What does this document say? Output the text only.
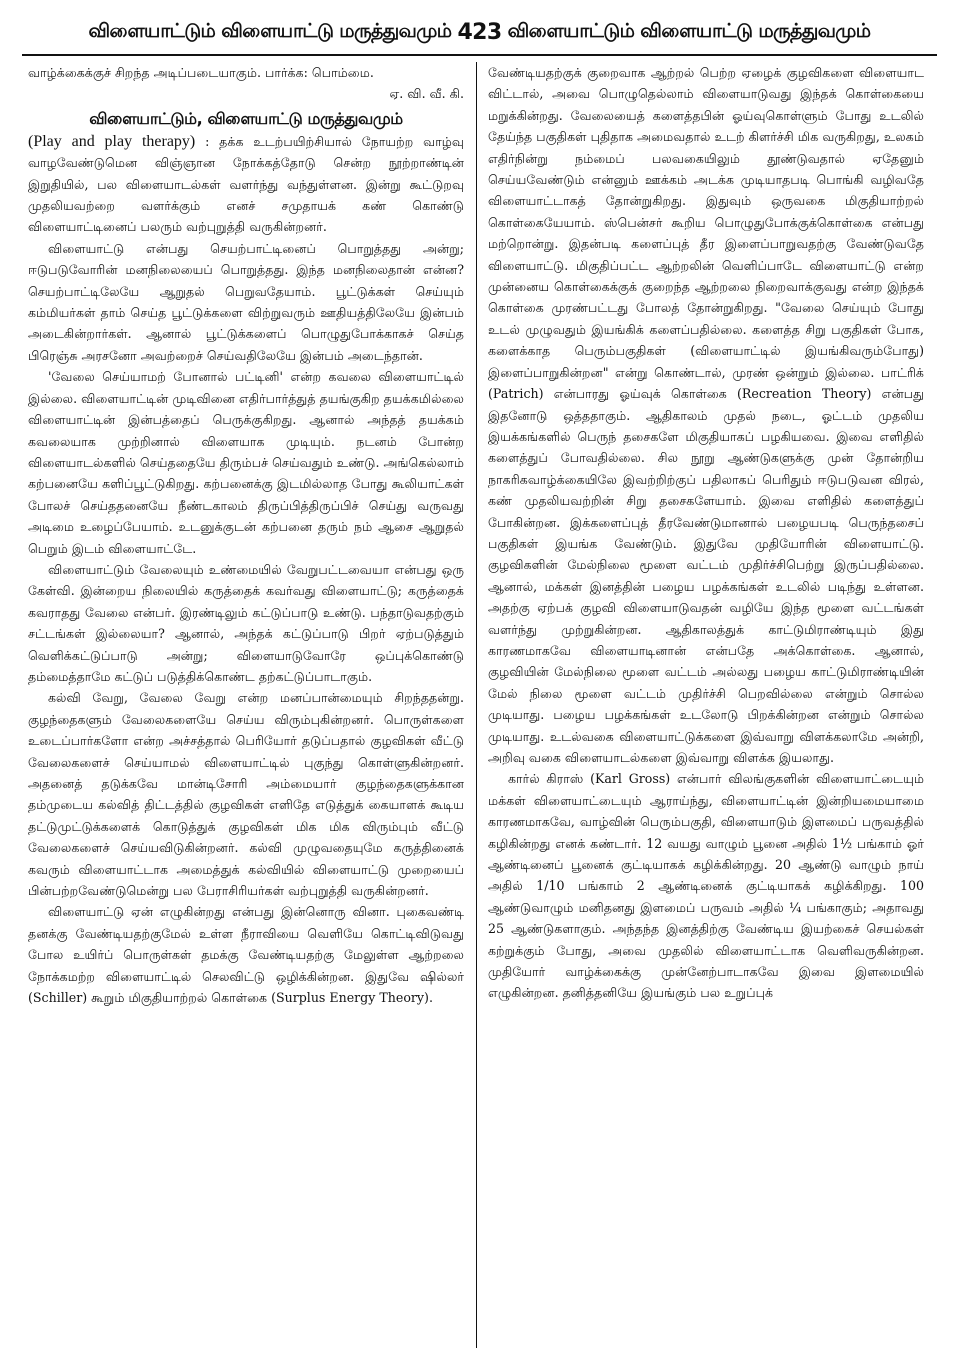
விளையாட்டும் விளையாட்டு மருத்துவமும் 423 விளையாட்டும் விளையாட்டு மருத்துவமும்

வாழ்க்கைக்குச் சிறந்த அடிப்படையாகும். பார்க்க: பொம்மை.

ஏ. வி. வீ. கி.

விளையாட்டும், விளையாட்டு மருத்துவமும்

(Play and play therapy) : தக்க உடற்பயிற்சியால் நோயற்ற வாழ்வு வாழவேண்டுமென விஞ்ஞான நோக்கத்தோடு சென்ற நூற்றாண்டின் இறுதியில், பல விளையாடல்கள் வளர்ந்து வந்துள்ளன. இன்று கூட்டுறவு முதலியவற்றை வளர்க்கும் எனச் சமுதாயக் கண் கொண்டு விளையாட்டினைப் பலரும் வற்புறுத்தி வருகின்றனர்.

விளையாட்டு என்பது செயற்பாட்டினைப் பொறுத்தது அன்று; ஈடுபடுவோரின் மனநிலையைப் பொறுத்தது. இந்த மனநிலைதான் என்ன? செயற்பாட்டிலேயே ஆறுதல் பெறுவதேயாம். பூட்டுக்கள் செய்யும் கம்மியர்கள் தாம் செய்த பூட்டுக்களை விற்றுவரும் ஊதியத்திலேயே இன்பம் அடைகின்றார்கள். ஆனால் பூட்டுக்களைப் பொழுதுபோக்காகச் செய்த பிரெஞ்சு அரசனோ அவற்றைச் செய்வதிலேயே இன்பம் அடைந்தான்.

'வேலை செய்யாமற் போனால் பட்டினி' என்ற கவலை விளையாட்டில் இல்லை. விளையாட்டின் முடிவினை எதிர்பார்த்துத் தயங்குகிற தயக்கமில்லை விளையாட்டின் இன்பத்தைப் பெருக்குகிறது. ஆனால் அந்தத் தயக்கம் கவலையாக முற்றினால் விளையாக முடியும். நடனம் போன்ற விளையாடல்களில் செய்ததையே திரும்பச் செய்வதும் உண்டு. அங்கெல்லாம் கற்பனையே களிப்பூட்டுகிறது. கற்பனைக்கு இடமில்லாத போது கூலியாட்கள் போலச் செய்ததனையே நீண்டகாலம் திருப்பித்திருப்பிச் செய்து வருவது அடிமை உழைப்பேயாம். உடனுக்குடன் கற்பனை தரும் நம் ஆசை ஆறுதல் பெறும் இடம் விளையாட்டே.

விளையாட்டும் வேலையும் உண்மையில் வேறுபட்டவையா என்பது ஒரு கேள்வி. இன்றைய நிலையில் கருத்தைக் கவர்வது விளையாட்டு; கருத்தைக் கவராதது வேலை என்பர். இரண்டிலும் கட்டுப்பாடு உண்டு. பந்தாடுவதற்கும் சட்டங்கள் இல்லையா? ஆனால், அந்தக் கட்டுப்பாடு பிறர் ஏற்படுத்தும் வெளிக்கட்டுப்பாடு அன்று; விளையாடுவோரே ஒப்புக்கொண்டு தம்மைத்தாமே கட்டுப் படுத்திக்கொண்ட தற்கட்டுப்பாடாகும்.

கல்வி வேறு, வேலை வேறு என்ற மனப்பான்மையும் சிறந்ததன்று. குழந்தைகளும் வேலைகளையே செய்ய விரும்புகின்றனர். பொருள்களை உடைப்பார்களோ என்ற அச்சத்தால் பெரியோர் தடுப்பதால் குழவிகள் வீட்டு வேலைகளைச் செய்யாமல் விளையாட்டில் புகுந்து கொள்ளுகின்றனர். அதனைத் தடுக்கவே மான்டிசோரி அம்மையார் குழந்தைகளுக்கான தம்முடைய கல்வித் திட்டத்தில் குழவிகள் எளிதே எடுத்துக் கையாளக் கூடிய தட்டுமுட்டுக்களைக் கொடுத்துக் குழவிகள் மிக மிக விரும்பும் வீட்டு வேலைகளைச் செய்யவிடுகின்றனர். கல்வி முழுவதையுமே கருத்தினைக் கவரும் விளையாட்டாக அமைத்துக் கல்வியில் விளையாட்டு முறையைப் பின்பற்றவேண்டுமென்று பல பேராசிரியர்கள் வற்புறுத்தி வருகின்றனர்.

விளையாட்டு ஏன் எழுகின்றது என்பது இன்னொரு வினா. புகைவண்டி தனக்கு வேண்டியதற்குமேல் உள்ள நீராவியை வெளியே கொட்டிவிடுவது போல உயிர்ப் பொருள்கள் தமக்கு வேண்டியதற்கு மேலுள்ள ஆற்றலை நோக்கமற்ற விளையாட்டில் செலவிட்டு ஒழிக்கின்றன. இதுவே ஷில்லர் (Schiller) கூறும் மிகுதியாற்றல் கொள்கை (Surplus Energy Theory).

வேண்டியதற்குக் குறைவாக ஆற்றல் பெற்ற ஏழைக் குழவிகளை விளையாட விட்டால், அவை பொழுதெல்லாம் விளையாடுவது இந்தக் கொள்கையை மறுக்கின்றது. வேலையைத் களைத்தபின் ஓய்வுகொள்ளும் போது உடலில் தேய்ந்த பகுதிகள் புதிதாக அமைவதால் உடற் கிளர்ச்சி மிக வருகிறது, உலகம் எதிர்நின்று நம்மைப் பலவகையிலும் தூண்டுவதால் ஏதேனும் செய்யவேண்டும் என்னும் ஊக்கம் அடக்க முடியாதபடி பொங்கி வழிவதே விளையாட்டாகத் தோன்றுகிறது. இதுவும் ஒருவகை மிகுதியாற்றல் கொள்கையேயாம். ஸ்பென்சர் கூறிய பொழுதுபோக்குக்கொள்கை என்பது மற்றொன்று. இதன்படி களைப்புத் தீர இளைப்பாறுவதற்கு வேண்டுவதே விளையாட்டு. மிகுதிப்பட்ட ஆற்றலின் வெளிப்பாடே விளையாட்டு என்ற முன்னைய கொள்கைக்குக் குறைந்த ஆற்றலை நிறைவாக்குவது என்ற இந்தக் கொள்கை முரண்பட்டது போலத் தோன்றுகிறது. "வேலை செய்யும் போது உடல் முழுவதும் இயங்கிக் களைப்பதில்லை. களைத்த சிறு பகுதிகள் போக, களைக்காத பெரும்பகுதிகள் (விளையாட்டில் இயங்கிவரும்போது) இளைப்பாறுகின்றன" என்று கொண்டால், முரண் ஒன்றும் இல்லை. பாட்ரிக் (Patrich) என்பாரது ஓய்வுக் கொள்கை (Recreation Theory) என்பது இதனோடு ஒத்ததாகும். ஆதிகாலம் முதல் நடை, ஓட்டம் முதலிய இயக்கங்களில் பெருந் தசைகளே மிகுதியாகப் பழகியவை. இவை எளிதில் களைத்துப் போவதில்லை. சில நூறு ஆண்டுகளுக்கு முன் தோன்றிய நாகரிகவாழ்க்கையிலே இவற்றிற்குப் பதிலாகப் பெரிதும் ஈடுபடுவன விரல், கண் முதலியவற்றின் சிறு தசைகளேயாம். இவை எளிதில் களைத்துப் போகின்றன. இக்களைப்புத் தீரவேண்டுமானால் பழையபடி பெருந்தசைப் பகுதிகள் இயங்க வேண்டும். இதுவே முதியோரின் விளையாட்டு. குழவிகளின் மேல்நிலை மூளை வட்டம் முதிர்ச்சிபெற்று இருப்பதில்லை. ஆனால், மக்கள் இனத்தின் பழைய பழக்கங்கள் உடலில் படிந்து உள்ளன. அதற்கு ஏற்பக் குழவி விளையாடுவதன் வழியே இந்த மூளை வட்டங்கள் வளர்ந்து முற்றுகின்றன. ஆதிகாலத்துக் காட்டுமிராண்டியும் இது காரணமாகவே விளையாடினான் என்பதே அக்கொள்கை. ஆனால், குழவியின் மேல்நிலை மூளை வட்டம் அல்லது பழைய காட்டுமிராண்டியின் மேல் நிலை மூளை வட்டம் முதிர்ச்சி பெறவில்லை என்றும் சொல்ல முடியாது. பழைய பழக்கங்கள் உடலோடு பிறக்கின்றன என்றும் சொல்ல முடியாது. உடல்வகை விளையாட்டுக்களை இவ்வாறு விளக்கலாமே அன்றி, அறிவு வகை விளையாடல்களை இவ்வாறு விளக்க இயலாது.

கார்ல் கிராஸ் (Karl Gross) என்பார் விலங்குகளின் விளையாட்டையும் மக்கள் விளையாட்டையும் ஆராய்ந்து, விளையாட்டின் இன்றியமையாமை காரணமாகவே, வாழ்வின் பெரும்பகுதி, விளையாடும் இளமைப் பருவத்தில் கழிகின்றது எனக் கண்டார். 12 வயது வாழும் பூனை அதில் 1½ பங்காம் ஓர் ஆண்டினைப் பூனைக் குட்டியாகக் கழிக்கின்றது. 20 ஆண்டு வாழும் நாய் அதில் 1/10 பங்காம் 2 ஆண்டினைக் குட்டியாகக் கழிக்கிறது. 100 ஆண்டுவாழும் மனிதனது இளமைப் பருவம் அதில் ¼ பங்காகும்; அதாவது 25 ஆண்டுகளாகும். அந்தந்த இனத்திற்கு வேண்டிய இயற்கைச் செயல்கள் கற்றுக்கும் போது, அவை முதலில் விளையாட்டாக வெளிவருகின்றன. முதியோர் வாழ்க்கைக்கு முன்னேற்பாடாகவே இவை இளமையில் எழுகின்றன. தனித்தனியே இயங்கும் பல உறுப்புக்
